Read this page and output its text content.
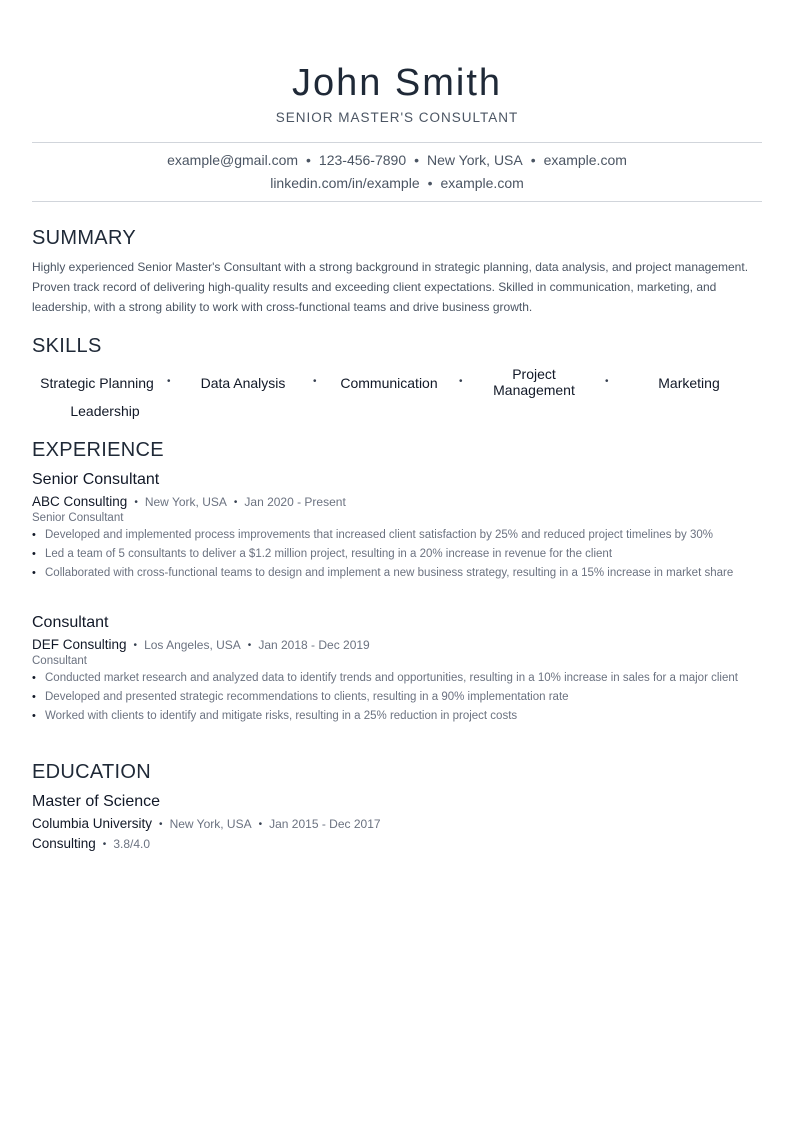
John Smith
SENIOR MASTER'S CONSULTANT
example@gmail.com • 123-456-7890 • New York, USA • example.com
linkedin.com/in/example • example.com
SUMMARY
Highly experienced Senior Master's Consultant with a strong background in strategic planning, data analysis, and project management. Proven track record of delivering high-quality results and exceeding client expectations. Skilled in communication, marketing, and leadership, with a strong ability to work with cross-functional teams and drive business growth.
SKILLS
Strategic Planning	•	Data Analysis	•	Communication	•	Project Management
•	Marketing
Leadership
EXPERIENCE
Senior Consultant
ABC Consulting • New York, USA • Jan 2020 - Present
Senior Consultant
• Developed and implemented process improvements that increased client satisfaction by 25% and reduced project timelines by 30%
• Led a team of 5 consultants to deliver a $1.2 million project, resulting in a 20% increase in revenue for the client
• Collaborated with cross-functional teams to design and implement a new business strategy, resulting in a 15% increase in market share
Consultant
DEF Consulting • Los Angeles, USA • Jan 2018 - Dec 2019
Consultant
• Conducted market research and analyzed data to identify trends and opportunities, resulting in a 10% increase in sales for a major client
• Developed and presented strategic recommendations to clients, resulting in a 90% implementation rate
• Worked with clients to identify and mitigate risks, resulting in a 25% reduction in project costs
EDUCATION
Master of Science
Columbia University • New York, USA • Jan 2015 - Dec 2017
Consulting • 3.8/4.0
